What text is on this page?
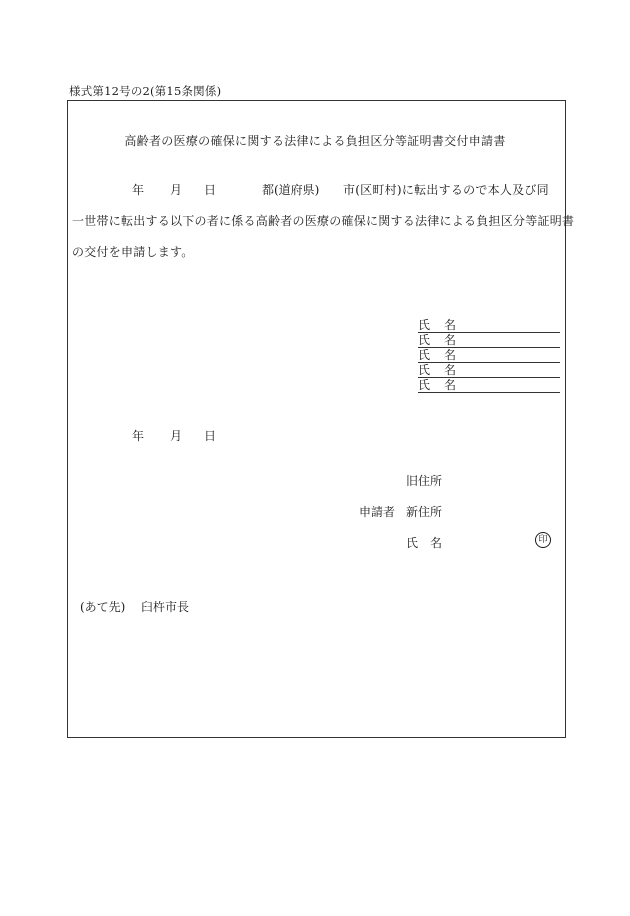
様式第12号の2(第15条関係)
高齢者の医療の確保に関する法律による負担区分等証明書交付申請書
年 月 日	都(道府県) 市(区町村)に転出するので本人及び同
一世帯に転出する以下の者に係る高齢者の医療の確保に関する法律による負担区分等証明書
の交付を申請します。
氏 名
氏 名
氏 名
氏 名
氏 名
年 月 日
旧住所
申請者 新住所
氏 名	印
(あて先) 臼杵市長
